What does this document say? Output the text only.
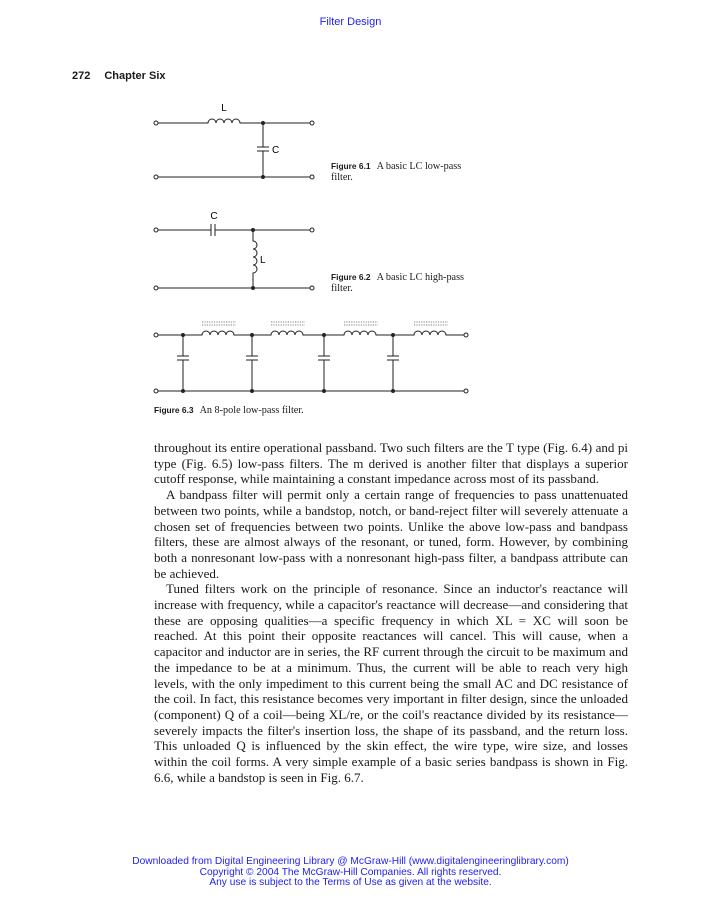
Filter Design
272 Chapter Six
L
C
Figure 6.1 A basic LC low-pass
filter.
C
L
Figure 6.2 A basic LC high-pass
filter.
Figure 6.3 An 8-pole low-pass filter.

throughout its entire operational passband. Two such filters are the T type (Fig. 6.4) and pi type (Fig. 6.5) low-pass filters. The m derived is another filter that displays a superior cutoff response, while maintaining a constant impedance across most of its passband.

A bandpass filter will permit only a certain range of frequencies to pass unattenuated between two points, while a bandstop, notch, or band-reject filter will severely attenuate a chosen set of frequencies between two points. Unlike the above low-pass and bandpass filters, these are almost always of the resonant, or tuned, form. However, by combining both a nonresonant low-pass with a nonresonant high-pass filter, a bandpass attribute can be achieved.

Tuned filters work on the principle of resonance. Since an inductor's reactance will increase with frequency, while a capacitor's reactance will decrease—and considering that these are opposing qualities—a specific frequency in which XL = XC will soon be reached. At this point their opposite reactances will cancel. This will cause, when a capacitor and inductor are in series, the RF current through the circuit to be maximum and the impedance to be at a minimum. Thus, the current will be able to reach very high levels, with the only impediment to this current being the small AC and DC resistance of the coil. In fact, this resistance becomes very important in filter design, since the unloaded (component) Q of a coil—being XL/re, or the coil's reactance divided by its resistance—severely impacts the filter's insertion loss, the shape of its passband, and the return loss. This unloaded Q is influenced by the skin effect, the wire type, wire size, and losses within the coil forms. A very simple example of a basic series bandpass is shown in Fig. 6.6, while a bandstop is seen in Fig. 6.7.

Downloaded from Digital Engineering Library @ McGraw-Hill (www.digitalengineeringlibrary.com)
Copyright © 2004 The McGraw-Hill Companies. All rights reserved.
Any use is subject to the Terms of Use as given at the website.
